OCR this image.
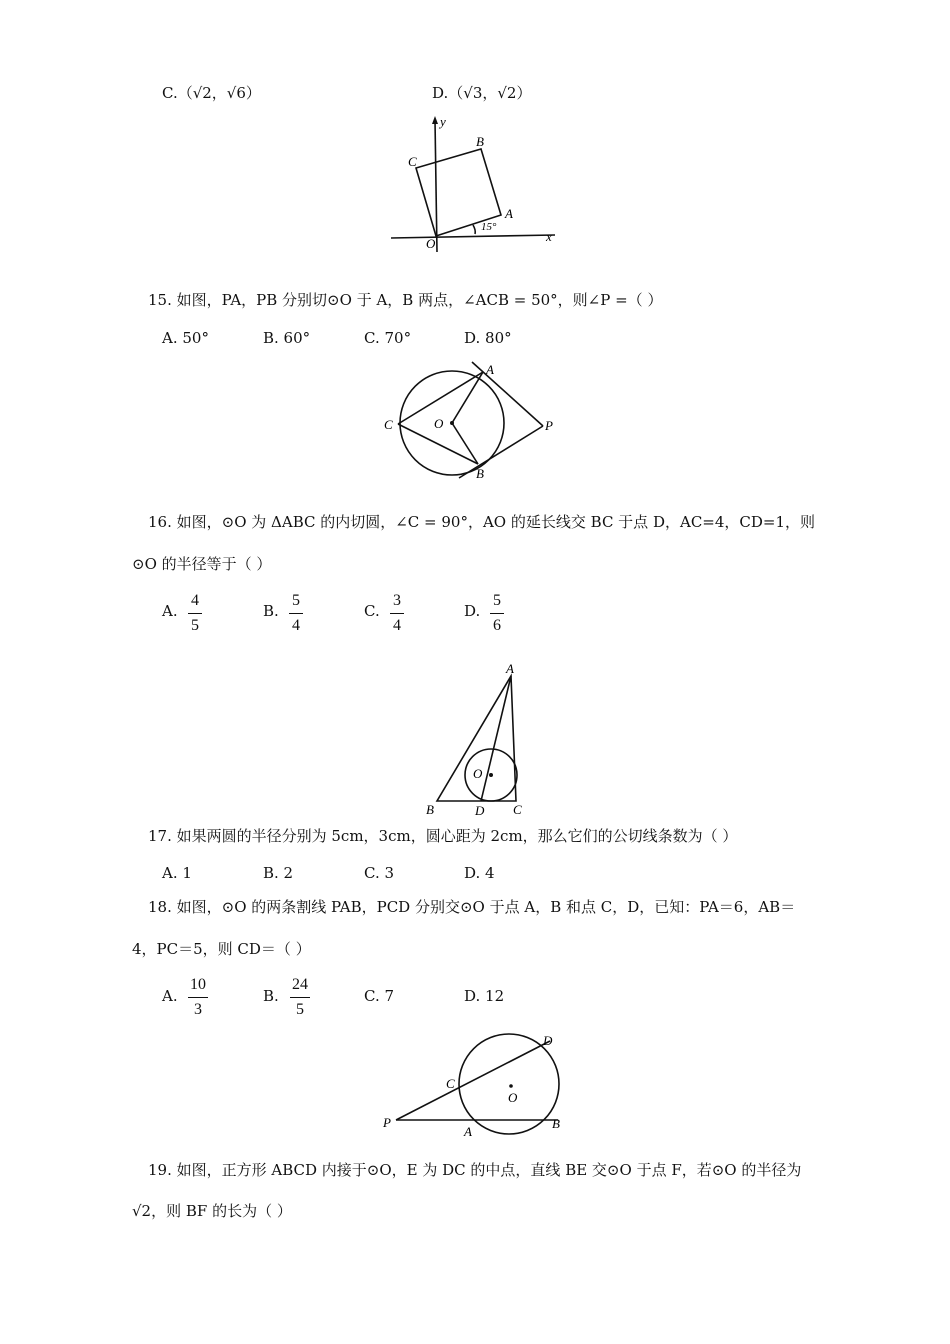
C.（√2，√6）	D.（√3，√2）
y
x
O
A
B
C
15°
15. 如图，PA，PB 分别切⊙O 于 A，B 两点，∠ACB = 50°，则∠P =（ ）
A. 50°	B. 60°	C. 70°	D. 80°
A
B
C	O	P
16. 如图，⊙O 为 ΔABC 的内切圆，∠C = 90°，AO 的延长线交 BC 于点 D，AC=4，CD=1，则
⊙O 的半径等于（ ）
A.
4
5
B.
5
4
C.
3
4
D.
5
6
A
B	C
D
O
17. 如果两圆的半径分别为 5cm，3cm，圆心距为 2cm，那么它们的公切线条数为（ ）
A. 1	B. 2	C. 3	D. 4
18. 如图，⊙O 的两条割线 PAB，PCD 分别交⊙O 于点 A，B 和点 C，D，已知：PA＝6，AB＝
4，PC＝5，则 CD＝（ ）
A.
10
3
B.
24
5
C. 7	D. 12
P
A
B
C
D
O
19. 如图，正方形 ABCD 内接于⊙O，E 为 DC 的中点，直线 BE 交⊙O 于点 F，若⊙O 的半径为
√2，则 BF 的长为（ ）
